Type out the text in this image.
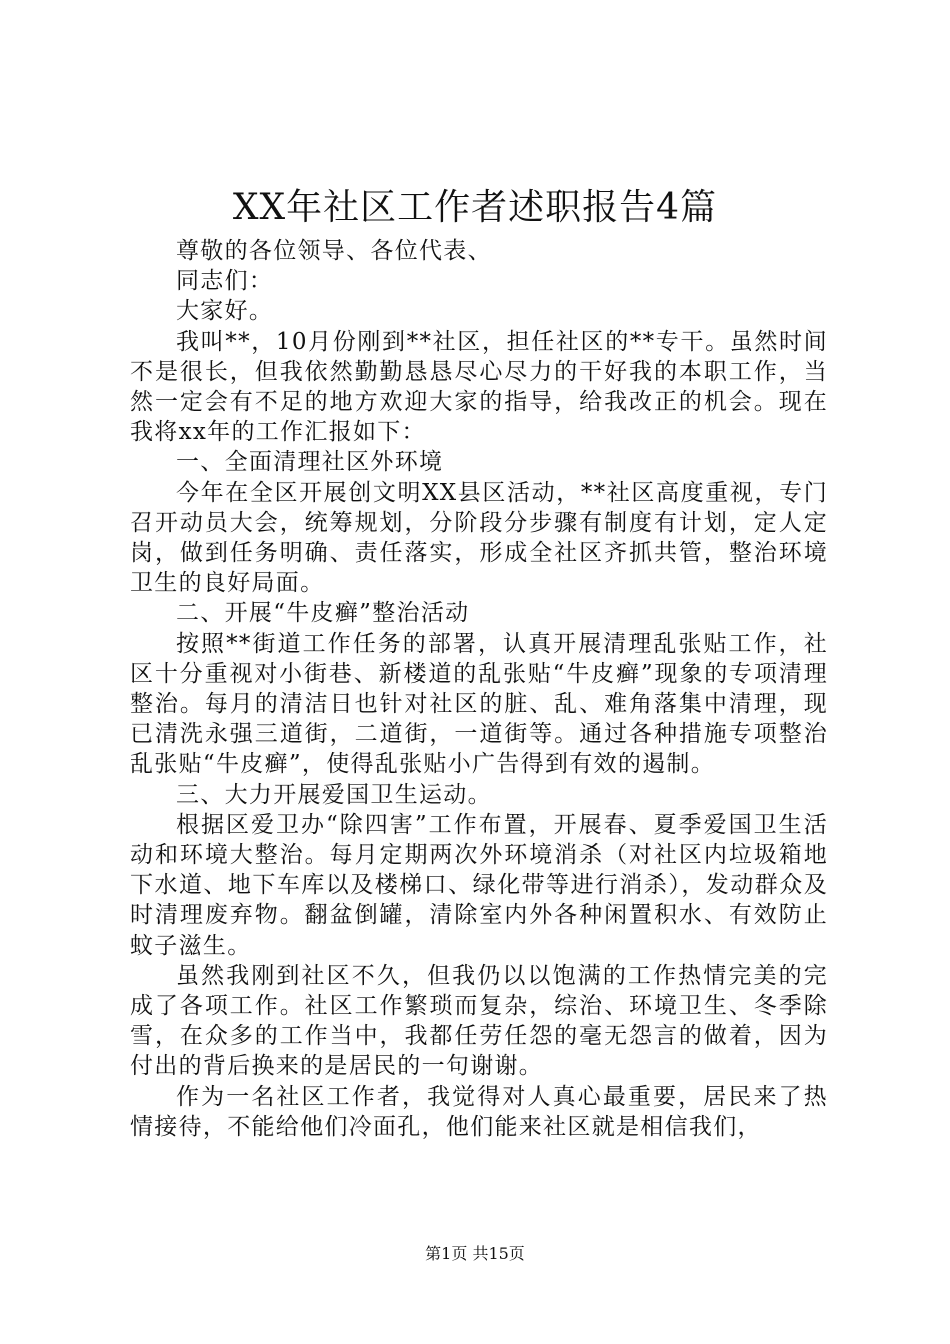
XX年社区工作者述职报告4篇

尊敬的各位领导、各位代表、

同志们：

大家好。

我叫**，10月份刚到**社区，担任社区的**专干。虽然时间不是很长，但我依然勤勤恳恳尽心尽力的干好我的本职工作，当然一定会有不足的地方欢迎大家的指导，给我改正的机会。现在我将xx年的工作汇报如下：

一、全面清理社区外环境

今年在全区开展创文明XX县区活动，**社区高度重视，专门召开动员大会，统筹规划，分阶段分步骤有制度有计划，定人定岗，做到任务明确、责任落实，形成全社区齐抓共管，整治环境卫生的良好局面。

二、开展“牛皮癣”整治活动

按照**街道工作任务的部署，认真开展清理乱张贴工作，社区十分重视对小街巷、新楼道的乱张贴“牛皮癣”现象的专项清理整治。每月的清洁日也针对社区的脏、乱、难角落集中清理，现已清洗永强三道街，二道街，一道街等。通过各种措施专项整治乱张贴“牛皮癣”，使得乱张贴小广告得到有效的遏制。

三、大力开展爱国卫生运动。

根据区爱卫办“除四害”工作布置，开展春、夏季爱国卫生活动和环境大整治。每月定期两次外环境消杀（对社区内垃圾箱地下水道、地下车库以及楼梯口、绿化带等进行消杀），发动群众及时清理废弃物。翻盆倒罐，清除室内外各种闲置积水、有效防止蚊子滋生。

虽然我刚到社区不久，但我仍以以饱满的工作热情完美的完成了各项工作。社区工作繁琐而复杂，综治、环境卫生、冬季除雪，在众多的工作当中，我都任劳任怨的毫无怨言的做着，因为付出的背后换来的是居民的一句谢谢。

作为一名社区工作者，我觉得对人真心最重要，居民来了热情接待，不能给他们冷面孔，他们能来社区就是相信我们，

第1页 共15页
